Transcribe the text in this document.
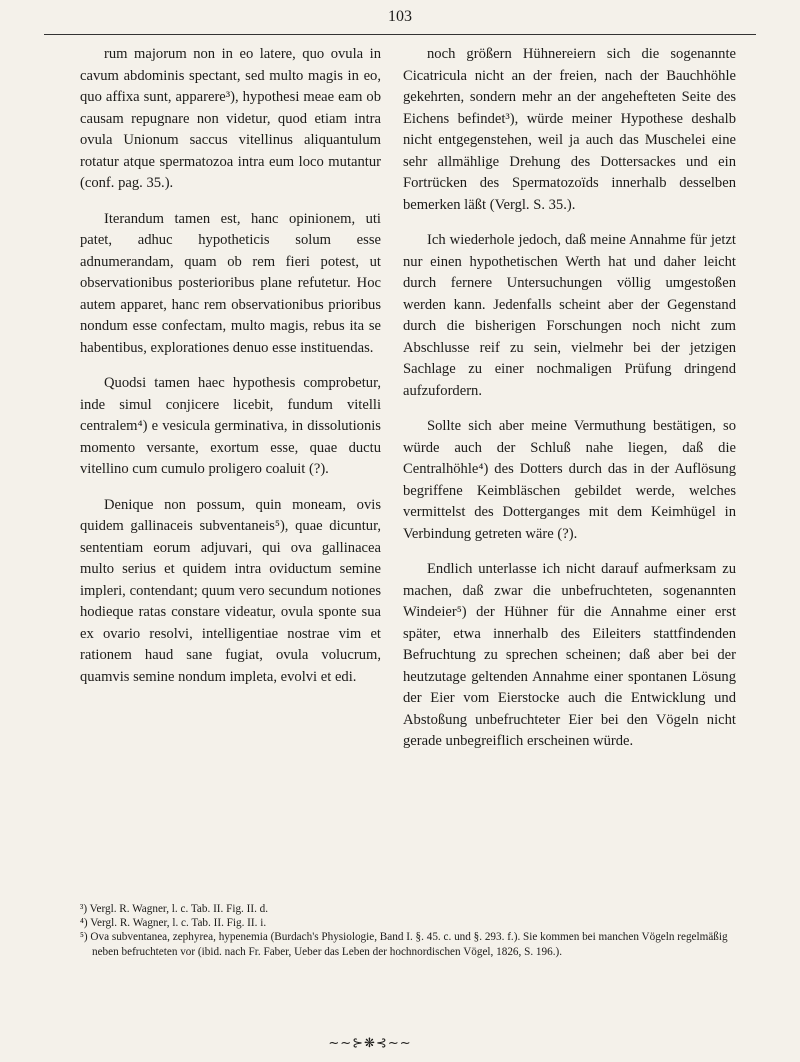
103

rum majorum non in eo latere, quo ovula in cavum abdominis spectant, sed multo magis in eo, quo affixa sunt, apparere³), hypothesi meae eam ob causam repugnare non videtur, quod etiam intra ovula Unionum saccus vitellinus aliquantulum rotatur atque spermatozoa intra eum loco mutantur (conf. pag. 35.).

Iterandum tamen est, hanc opinionem, uti patet, adhuc hypotheticis solum esse adnumerandam, quam ob rem fieri potest, ut observationibus posterioribus plane refutetur. Hoc autem apparet, hanc rem observationibus prioribus nondum esse confectam, multo magis, rebus ita se habentibus, explorationes denuo esse instituendas.

Quodsi tamen haec hypothesis comprobetur, inde simul conjicere licebit, fundum vitelli centralem⁴) e vesicula germinativa, in dissolutionis momento versante, exortum esse, quae ductu vitellino cum cumulo proligero coaluit (?).

Denique non possum, quin moneam, ovis quidem gallinaceis subventaneis⁵), quae dicuntur, sententiam eorum adjuvari, qui ova gallinacea multo serius et quidem intra oviductum semine impleri, contendant; quum vero secundum notiones hodieque ratas constare videatur, ovula sponte sua ex ovario resolvi, intelligentiae nostrae vim et rationem haud sane fugiat, ovula volucrum, quamvis semine nondum impleta, evolvi et edi.

noch größern Hühnereiern sich die sogenannte Cicatricula nicht an der freien, nach der Bauchhöhle gekehrten, sondern mehr an der angehefteten Seite des Eichens befindet³), würde meiner Hypothese deshalb nicht entgegenstehen, weil ja auch das Muschelei eine sehr allmählige Drehung des Dottersackes und ein Fortrücken des Spermatozoïds innerhalb desselben bemerken läßt (Vergl. S. 35.).

Ich wiederhole jedoch, daß meine Annahme für jetzt nur einen hypothetischen Werth hat und daher leicht durch fernere Untersuchungen völlig umgestoßen werden kann. Jedenfalls scheint aber der Gegenstand durch die bisherigen Forschungen noch nicht zum Abschlusse reif zu sein, vielmehr bei der jetzigen Sachlage zu einer nochmaligen Prüfung dringend aufzufordern.

Sollte sich aber meine Vermuthung bestätigen, so würde auch der Schluß nahe liegen, daß die Centralhöhle⁴) des Dotters durch das in der Auflösung begriffene Keimbläschen gebildet werde, welches vermittelst des Dotterganges mit dem Keimhügel in Verbindung getreten wäre (?).

Endlich unterlasse ich nicht darauf aufmerksam zu machen, daß zwar die unbefruchteten, sogenannten Windeier⁵) der Hühner für die Annahme einer erst später, etwa innerhalb des Eileiters stattfindenden Befruchtung zu sprechen scheinen; daß aber bei der heutzutage geltenden Annahme einer spontanen Lösung der Eier vom Eierstocke auch die Entwicklung und Abstoßung unbefruchteter Eier bei den Vögeln nicht gerade unbegreiflich erscheinen würde.

³) Vergl. R. Wagner, l. c. Tab. II. Fig. II. d.

⁴) Vergl. R. Wagner, l. c. Tab. II. Fig. II. i.

⁵) Ova subventanea, zephyrea, hypenemia (Burdach's Physiologie, Band I. §. 45. c. und §. 293. f.). Sie kommen bei manchen Vögeln regelmäßig neben befruchteten vor (ibid. nach Fr. Faber, Ueber das Leben der hochnordischen Vögel, 1826, S. 196.).

~~⊱❋⊰~~
